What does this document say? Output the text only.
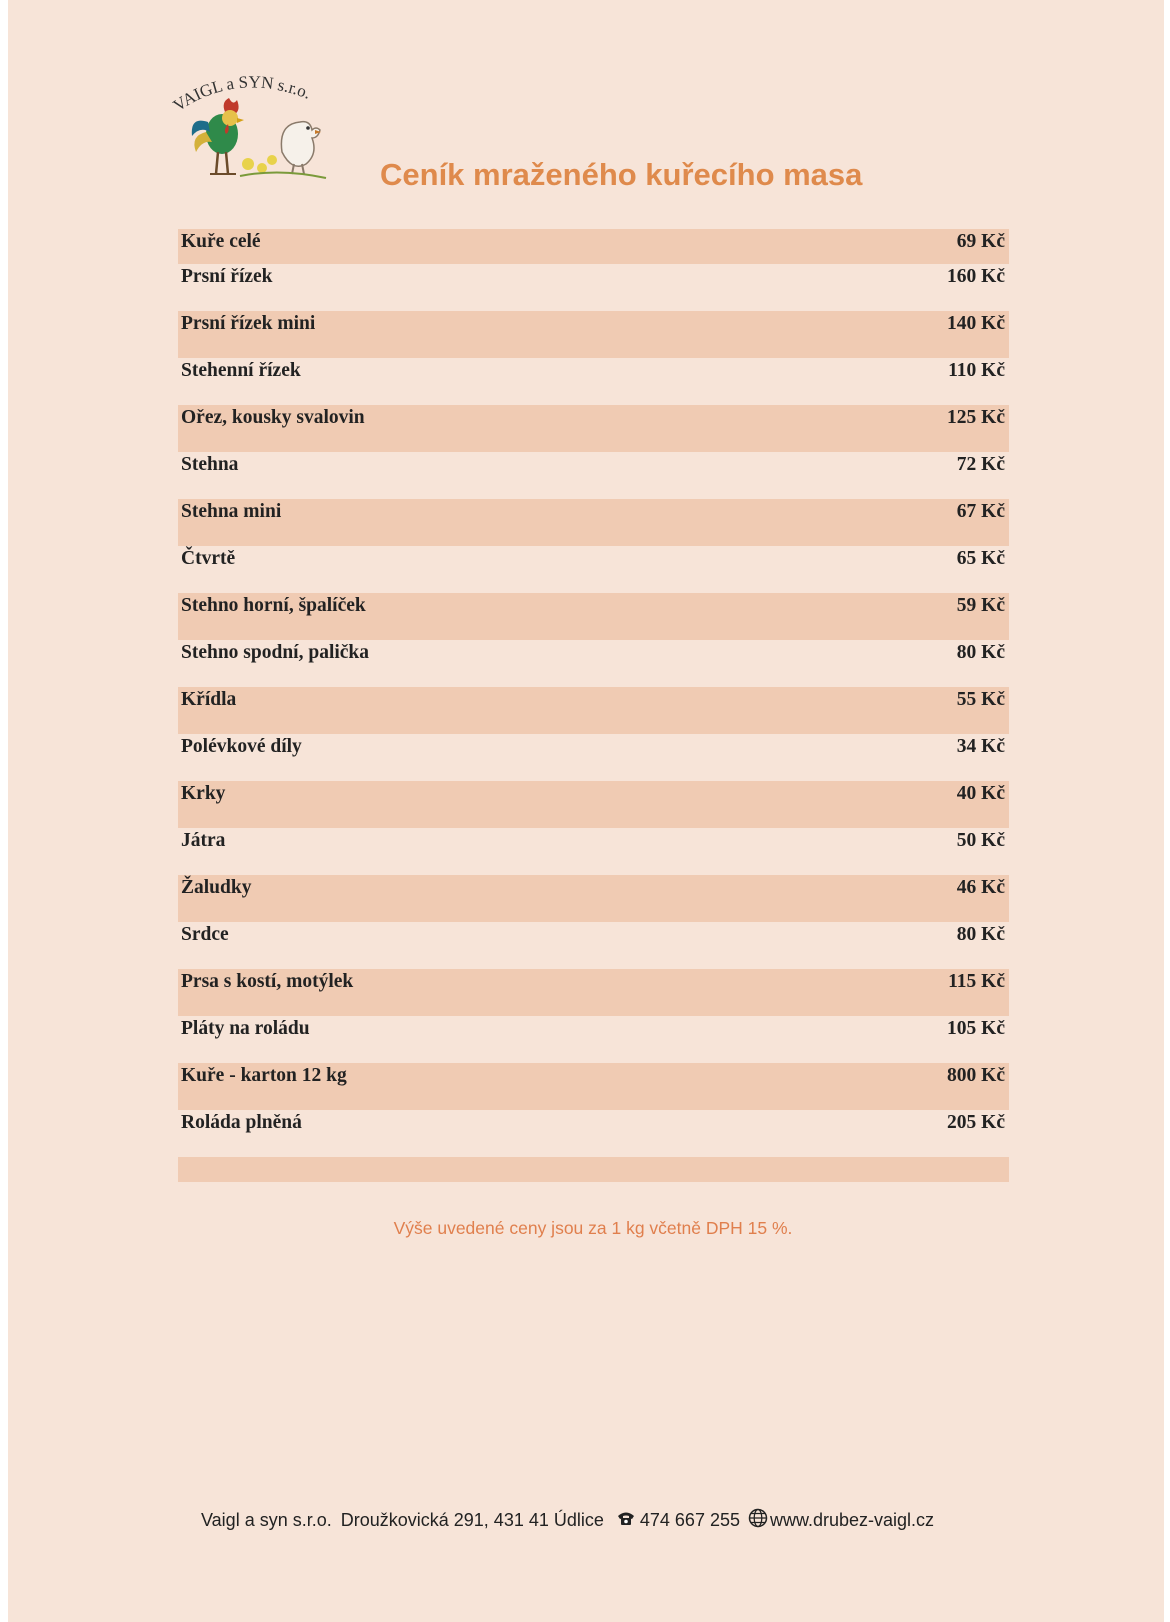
VAIGL a SYN s.r.o.
Ceník mraženého kuřecího masa
Kuře celé	69 Kč
Prsní řízek	160 Kč
Prsní řízek mini	140 Kč
Stehenní řízek	110 Kč
Ořez, kousky svalovin	125 Kč
Stehna	72 Kč
Stehna mini	67 Kč
Čtvrtě	65 Kč
Stehno horní, špalíček	59 Kč
Stehno spodní, palička	80 Kč
Křídla	55 Kč
Polévkové díly	34 Kč
Krky	40 Kč
Játra	50 Kč
Žaludky	46 Kč
Srdce	80 Kč
Prsa s kostí, motýlek	115 Kč
Pláty na roládu	105 Kč
Kuře - karton 12 kg	800 Kč
Roláda plněná	205 Kč
Výše uvedené ceny jsou za 1 kg včetně DPH 15 %.
Vaigl a syn s.r.o. Droužkovická 291, 431 41 Údlice 474 667 255 www.drubez-vaigl.cz
